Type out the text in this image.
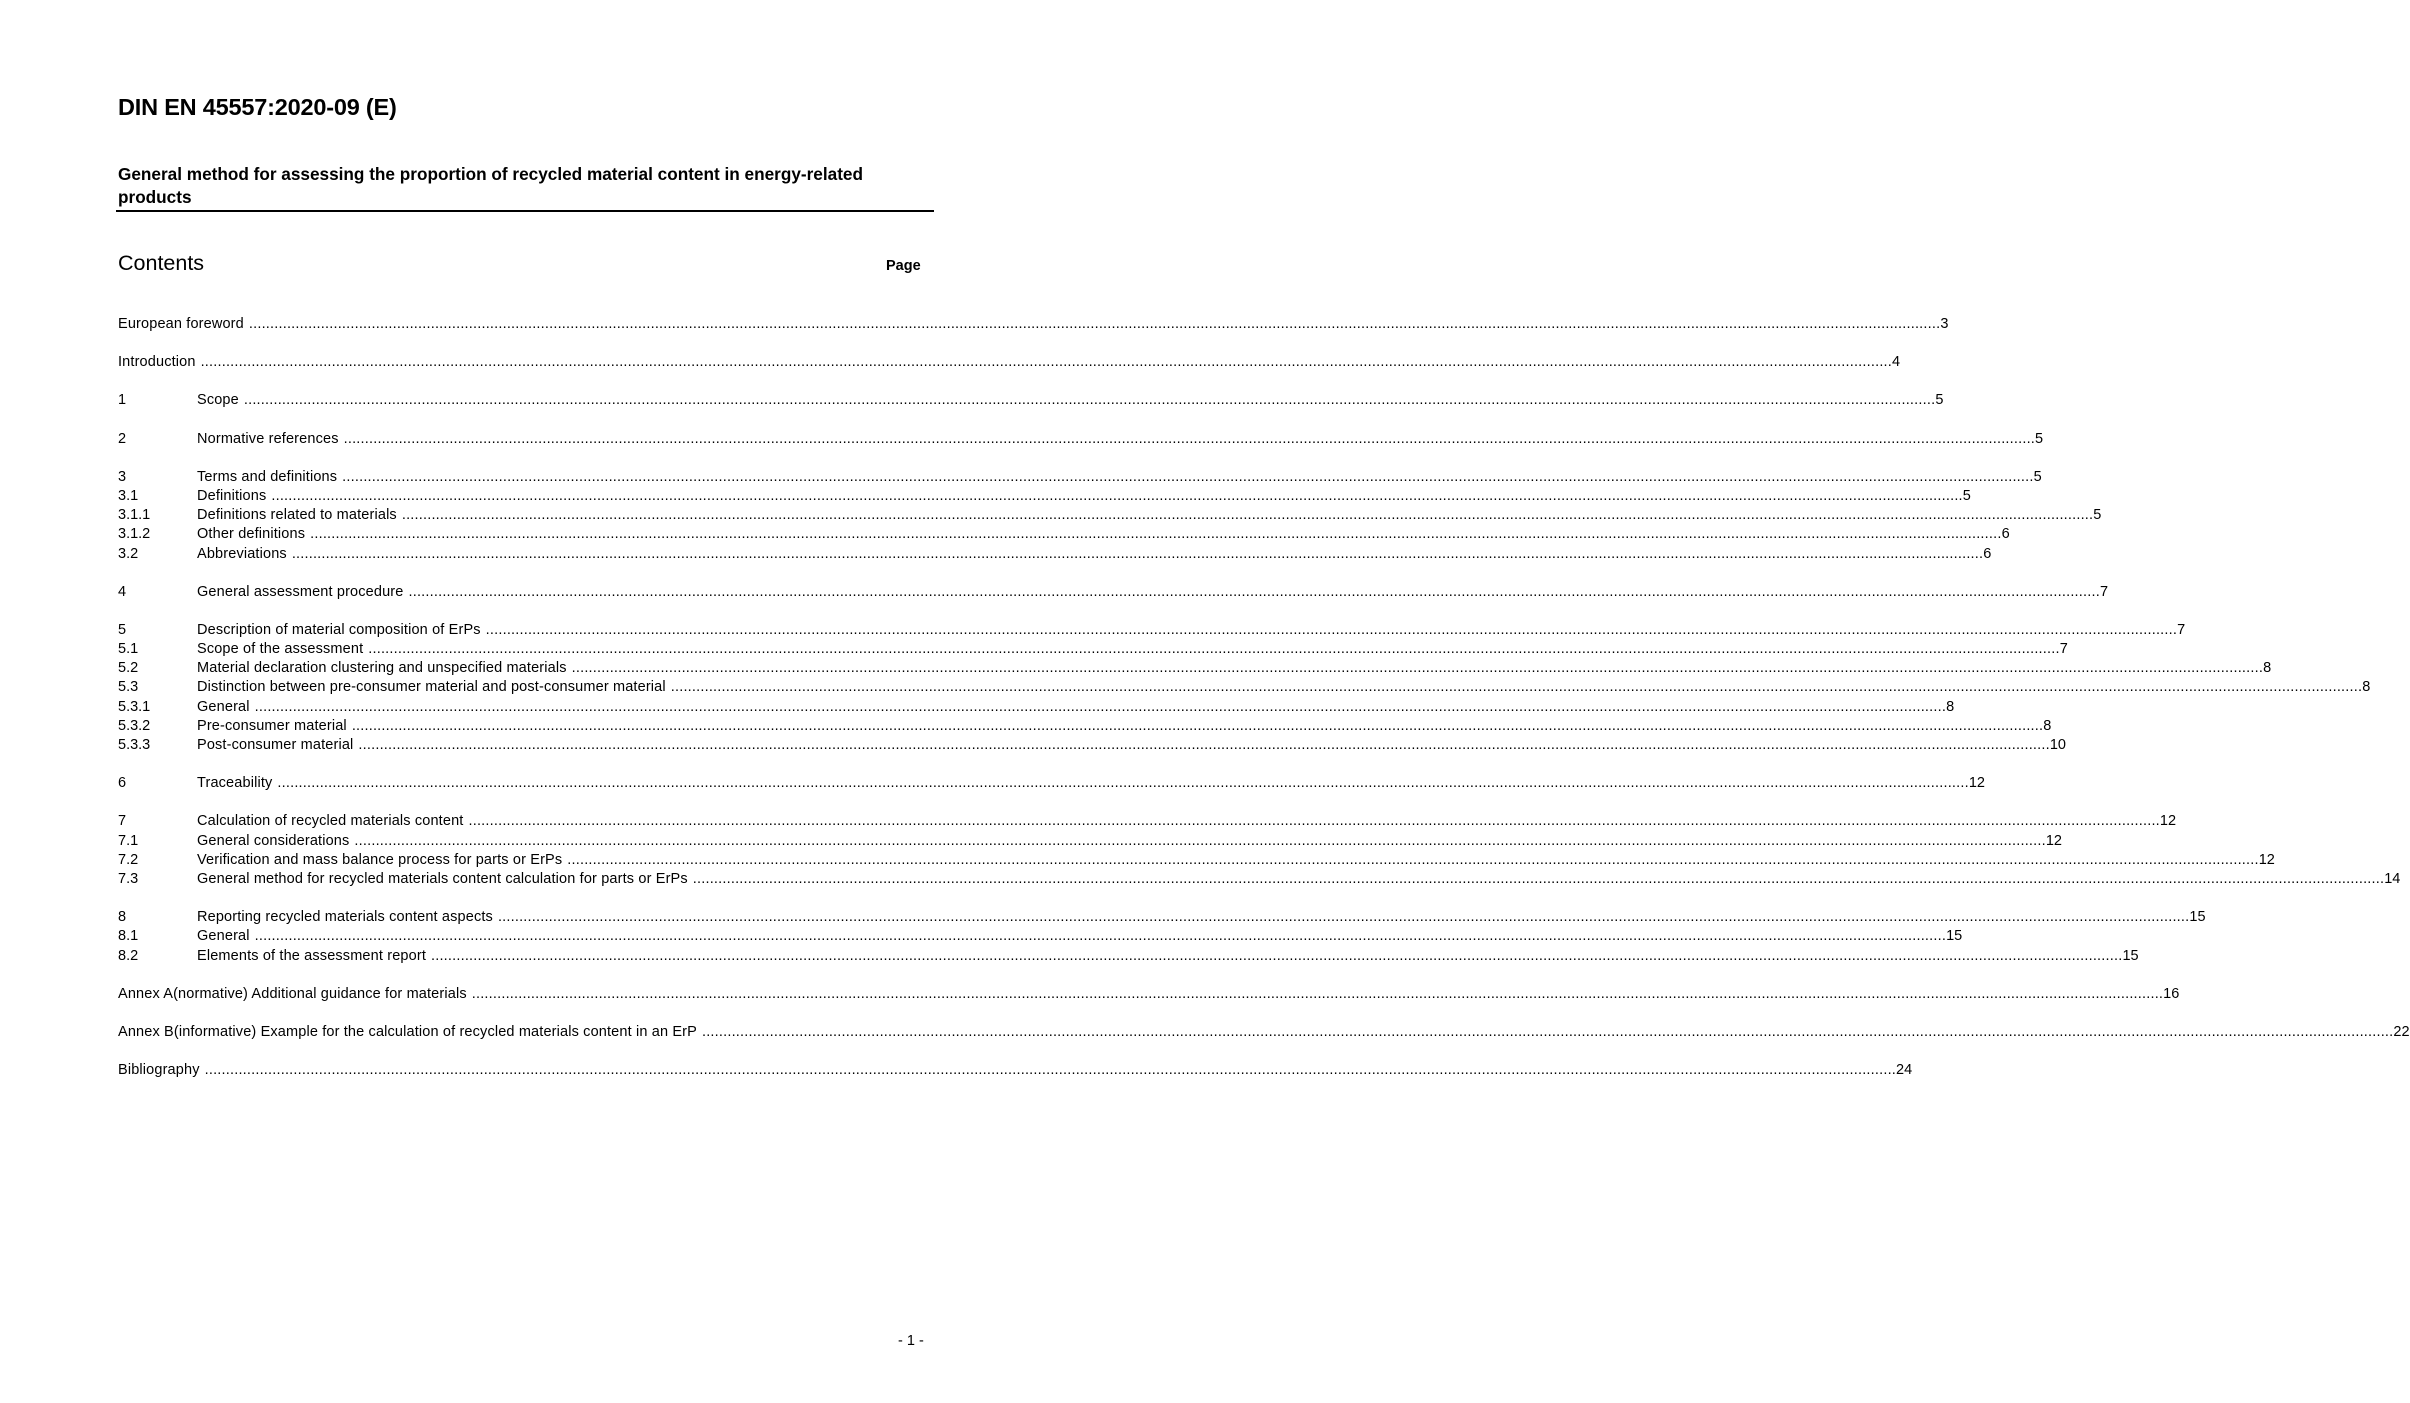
DIN EN 45557:2020-09 (E)
General method for assessing the proportion of recycled material content in energy-related products
Contents	Page
European foreword ................................................................................................................................................................................................................................................................................................................................................................................................................ 3
Introduction ................................................................................................................................................................................................................................................................................................................................................................................................................ 4
1	Scope ................................................................................................................................................................................................................................................................................................................................................................................................................ 5
2	Normative references ................................................................................................................................................................................................................................................................................................................................................................................................................ 5
3	Terms and definitions ................................................................................................................................................................................................................................................................................................................................................................................................................ 5
3.1	Definitions ................................................................................................................................................................................................................................................................................................................................................................................................................ 5
3.1.1	Definitions related to materials ................................................................................................................................................................................................................................................................................................................................................................................................................ 5
3.1.2	Other definitions ................................................................................................................................................................................................................................................................................................................................................................................................................ 6
3.2	Abbreviations ................................................................................................................................................................................................................................................................................................................................................................................................................ 6
4	General assessment procedure ................................................................................................................................................................................................................................................................................................................................................................................................................ 7
5	Description of material composition of ErPs ................................................................................................................................................................................................................................................................................................................................................................................................................ 7
5.1	Scope of the assessment ................................................................................................................................................................................................................................................................................................................................................................................................................ 7
5.2	Material declaration clustering and unspecified materials ................................................................................................................................................................................................................................................................................................................................................................................................................ 8
5.3	Distinction between pre-consumer material and post-consumer material ................................................................................................................................................................................................................................................................................................................................................................................................................ 8
5.3.1	General ................................................................................................................................................................................................................................................................................................................................................................................................................ 8
5.3.2	Pre-consumer material ................................................................................................................................................................................................................................................................................................................................................................................................................ 8
5.3.3	Post-consumer material ................................................................................................................................................................................................................................................................................................................................................................................................................ 10
6	Traceability ................................................................................................................................................................................................................................................................................................................................................................................................................ 12
7	Calculation of recycled materials content ................................................................................................................................................................................................................................................................................................................................................................................................................ 12
7.1	General considerations ................................................................................................................................................................................................................................................................................................................................................................................................................ 12
7.2	Verification and mass balance process for parts or ErPs ................................................................................................................................................................................................................................................................................................................................................................................................................ 12
7.3	General method for recycled materials content calculation for parts or ErPs ................................................................................................................................................................................................................................................................................................................................................................................................................ 14
8	Reporting recycled materials content aspects ................................................................................................................................................................................................................................................................................................................................................................................................................ 15
8.1	General ................................................................................................................................................................................................................................................................................................................................................................................................................ 15
8.2	Elements of the assessment report ................................................................................................................................................................................................................................................................................................................................................................................................................ 15
Annex A(normative) Additional guidance for materials ................................................................................................................................................................................................................................................................................................................................................................................................................ 16
Annex B(informative) Example for the calculation of recycled materials content in an ErP ................................................................................................................................................................................................................................................................................................................................................................................................................ 22
Bibliography ................................................................................................................................................................................................................................................................................................................................................................................................................ 24
- 1 -
